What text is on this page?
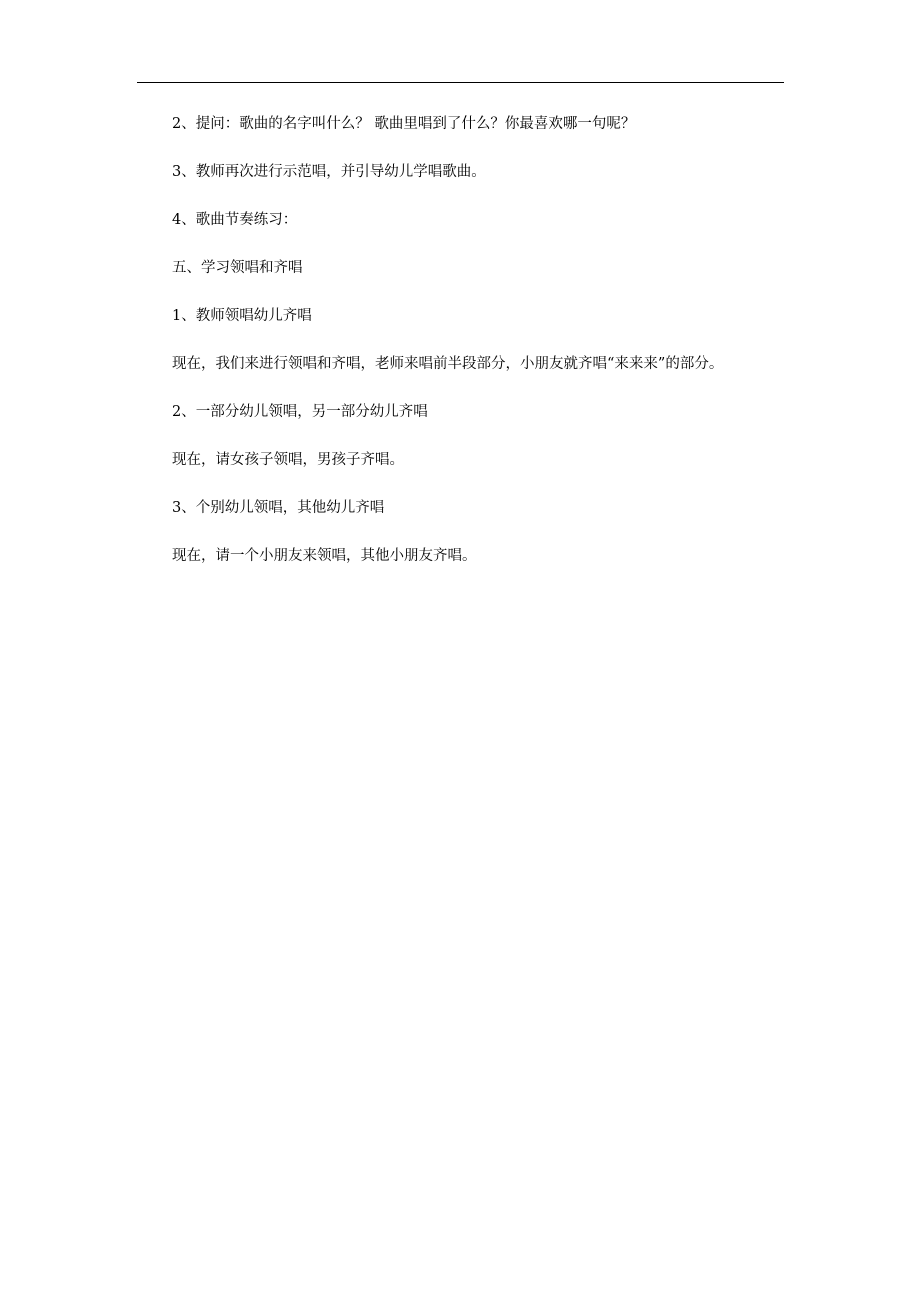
2、提问：歌曲的名字叫什么？ 歌曲里唱到了什么？你最喜欢哪一句呢？

3、教师再次进行示范唱，并引导幼儿学唱歌曲。

4、歌曲节奏练习：

五、学习领唱和齐唱

1、教师领唱幼儿齐唱

现在，我们来进行领唱和齐唱，老师来唱前半段部分，小朋友就齐唱“来来来”的部分。

2、一部分幼儿领唱，另一部分幼儿齐唱

现在，请女孩子领唱，男孩子齐唱。

3、个别幼儿领唱，其他幼儿齐唱

现在，请一个小朋友来领唱，其他小朋友齐唱。
